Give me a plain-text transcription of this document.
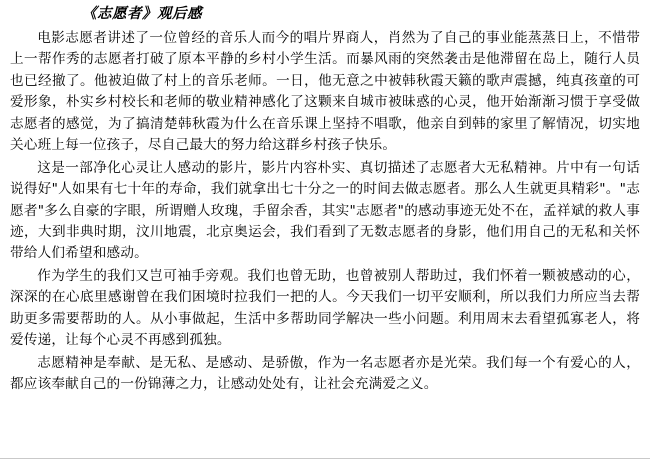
《志愿者》观后感

电影志愿者讲述了一位曾经的音乐人而今的唱片界商人，肖然为了自己的事业能蒸蒸日上，不惜带上一帮作秀的志愿者打破了原本平静的乡村小学生活。而暴风雨的突然袭击是他滞留在岛上，随行人员也已经撤了。他被迫做了村上的音乐老师。一日，他无意之中被韩秋霞天籁的歌声震撼，纯真孩童的可爱形象，朴实乡村校长和老师的敬业精神感化了这颗来自城市被昧惑的心灵，他开始渐渐习惯于享受做志愿者的感觉，为了搞清楚韩秋霞为什么在音乐课上坚持不唱歌，他亲自到韩的家里了解情况，切实地关心班上每一位孩子，尽自己最大的努力给这群乡村孩子快乐。

这是一部净化心灵让人感动的影片，影片内容朴实、真切描述了志愿者大无私精神。片中有一句话说得好"人如果有七十年的寿命，我们就拿出七十分之一的时间去做志愿者。那么人生就更具精彩"。"志愿者"多么自豪的字眼，所谓赠人玫瑰，手留余香，其实"志愿者"的感动事迹无处不在，孟祥斌的救人事迹，大到非典时期，汶川地震，北京奥运会，我们看到了无数志愿者的身影，他们用自己的无私和关怀带给人们希望和感动。

作为学生的我们又岂可袖手旁观。我们也曾无助，也曾被别人帮助过，我们怀着一颗被感动的心，深深的在心底里感谢曾在我们困境时拉我们一把的人。今天我们一切平安顺利，所以我们力所应当去帮助更多需要帮助的人。从小事做起，生活中多帮助同学解决一些小问题。利用周末去看望孤寡老人，将爱传递，让每个心灵不再感到孤独。

志愿精神是奉献、是无私、是感动、是骄傲，作为一名志愿者亦是光荣。我们每一个有爱心的人，都应该奉献自己的一份锦薄之力，让感动处处有，让社会充满爱之义。
